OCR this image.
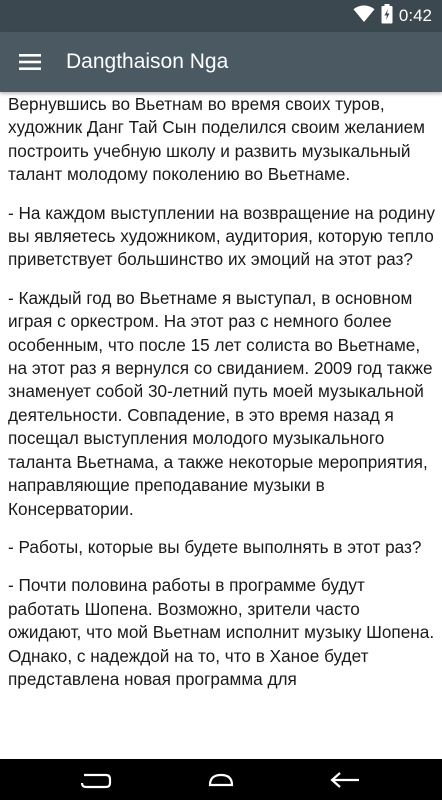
0:42
Dangthaison Nga

Вернувшись во Вьетнам во время своих туров, художник Данг Тай Сын поделился своим желанием построить учебную школу и развить музыкальный талант молодому поколению во Вьетнаме.

- На каждом выступлении на возвращение на родину вы являетесь художником, аудитория, которую тепло приветствует большинство их эмоций на этот раз?

- Каждый год во Вьетнаме я выступал, в основном играя с оркестром. На этот раз с немного более особенным, что после 15 лет солиста во Вьетнаме, на этот раз я вернулся со свиданием. 2009 год также знаменует собой 30-летний путь моей музыкальной деятельности. Совпадение, в это время назад я посещал выступления молодого музыкального таланта Вьетнама, а также некоторые мероприятия, направляющие преподавание музыки в Консерватории.

- Работы, которые вы будете выполнять в этот раз?

- Почти половина работы в программе будут работать Шопена. Возможно, зрители часто ожидают, что мой Вьетнам исполнит музыку Шопена. Однако, с надеждой на то, что в Ханое будет представлена новая программа для
